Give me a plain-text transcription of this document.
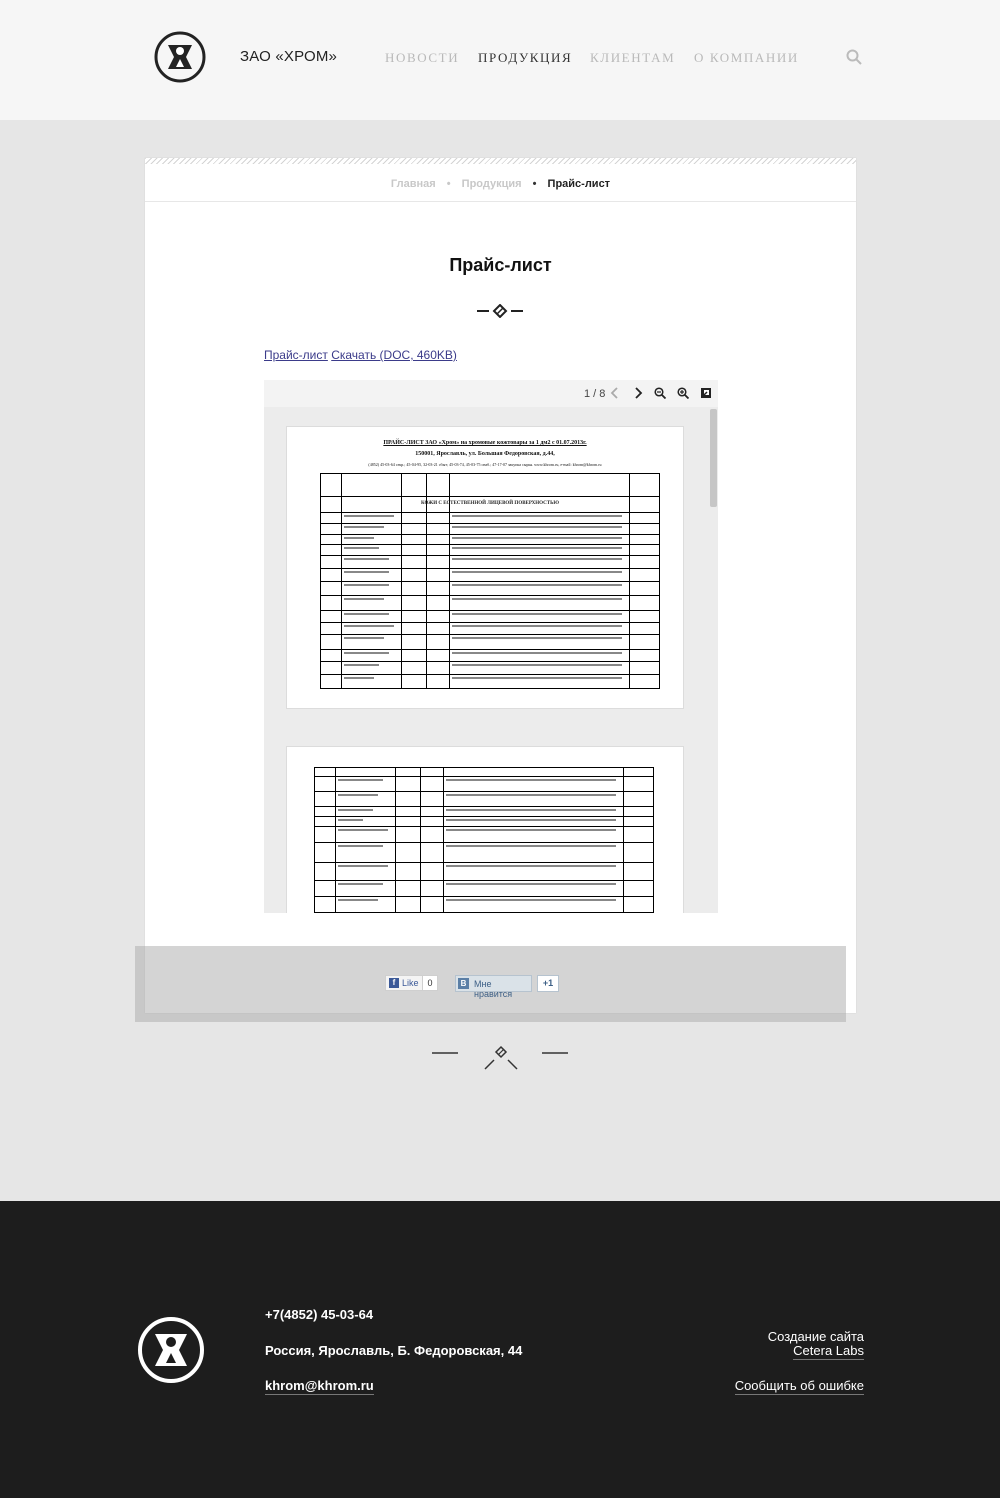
ЗАО «ХРОМ»	НОВОСТИ ПРОДУКЦИЯ КЛИЕНТАМ О КОМПАНИИ
Главная • Продукция • Прайс-лист
Прайс-лист
Прайс-лист Скачать (DOC, 460KB)
1 / 8
ПРАЙС-ЛИСТ ЗАО «Хром» на хромовые кожтовары за 1 дм2 с 01.07.2013г.
150001, Ярославль, ул. Большая Федоровская, д.44,
(4852) 45-03-64 секр.; 45-04-95, 32-03-21 сбыт; 45-03-74, 45-03-75 снаб.; 47-17-07 закупка сырья. www.khrom.ru, e-mail: khrom@khrom.ru
КОЖИ С ЕСТЕСТВЕННОЙ ЛИЦЕВОЙ ПОВЕРХНОСТЬЮ
f Like 0	В Мне нравится
+1
+7(4852) 45-03-64
Россия, Ярославль, Б. Федоровская, 44
khrom@khrom.ru
Создание сайта
Cetera Labs
Сообщить об ошибке
